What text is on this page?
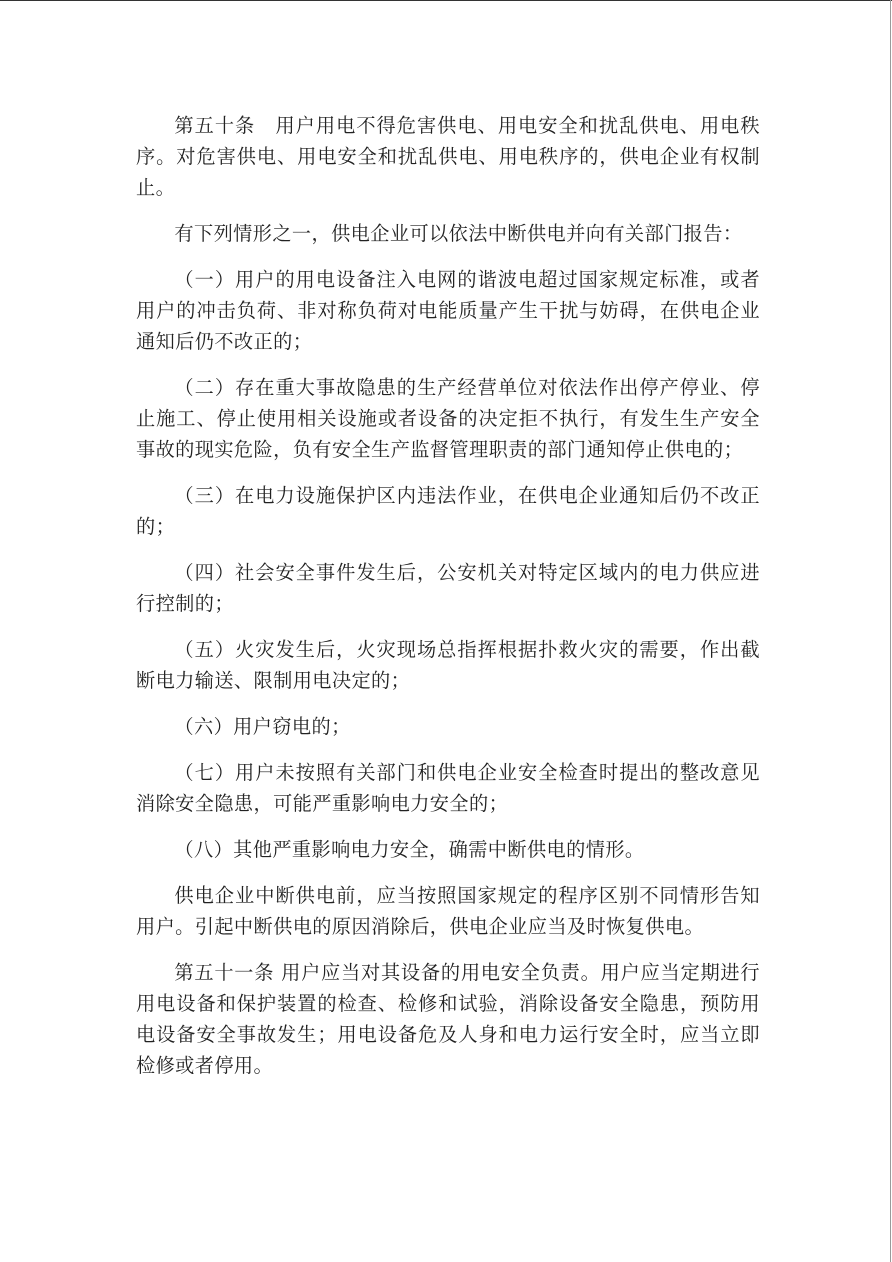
第五十条　用户用电不得危害供电、用电安全和扰乱供电、用电秩序。对危害供电、用电安全和扰乱供电、用电秩序的，供电企业有权制止。

有下列情形之一，供电企业可以依法中断供电并向有关部门报告：

（一）用户的用电设备注入电网的谐波电超过国家规定标准，或者用户的冲击负荷、非对称负荷对电能质量产生干扰与妨碍，在供电企业通知后仍不改正的；

（二）存在重大事故隐患的生产经营单位对依法作出停产停业、停止施工、停止使用相关设施或者设备的决定拒不执行，有发生生产安全事故的现实危险，负有安全生产监督管理职责的部门通知停止供电的；

（三）在电力设施保护区内违法作业，在供电企业通知后仍不改正的；

（四）社会安全事件发生后，公安机关对特定区域内的电力供应进行控制的；

（五）火灾发生后，火灾现场总指挥根据扑救火灾的需要，作出截断电力输送、限制用电决定的；

（六）用户窃电的；

（七）用户未按照有关部门和供电企业安全检查时提出的整改意见消除安全隐患，可能严重影响电力安全的；

（八）其他严重影响电力安全，确需中断供电的情形。

供电企业中断供电前，应当按照国家规定的程序区别不同情形告知用户。引起中断供电的原因消除后，供电企业应当及时恢复供电。

第五十一条 用户应当对其设备的用电安全负责。用户应当定期进行用电设备和保护装置的检查、检修和试验，消除设备安全隐患，预防用电设备安全事故发生；用电设备危及人身和电力运行安全时，应当立即检修或者停用。
